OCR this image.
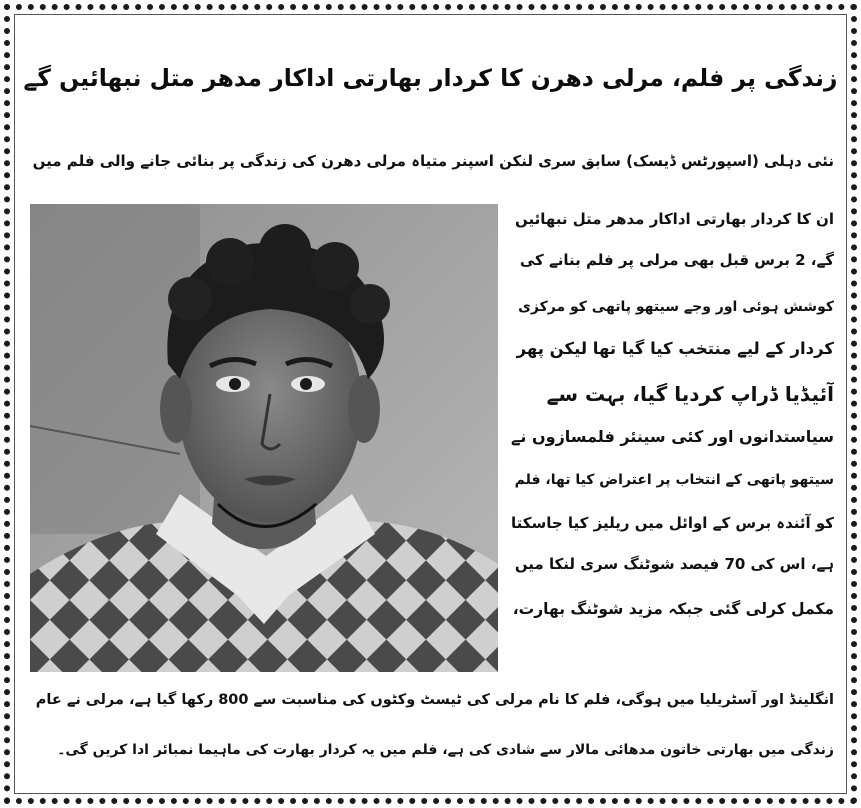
زندگی پر فلم، مرلی دھرن کا کردار بھارتی اداکار مدھر متل نبھائیں گے
نئی دہلی (اسپورٹس ڈیسک) سابق سری لنکن اسپنر متیاہ مرلی دھرن کی زندگی پر بنائی جانے والی فلم میں
ان کا کردار بھارتی اداکار مدھر متل نبھائیں
گے، 2 برس قبل بھی مرلی پر فلم بنانے کی
کوشش ہوئی اور وجے سیتھو پاتھی کو مرکزی
کردار کے لیے منتخب کیا گیا تھا لیکن پھر
آئیڈیا ڈراپ کردیا گیا، بہت سے
سیاستدانوں اور کئی سینئر فلمسازوں نے
سیتھو پاتھی کے انتخاب پر اعتراض کیا تھا، فلم
کو آئندہ برس کے اوائل میں ریلیز کیا جاسکتا
ہے، اس کی 70 فیصد شوٹنگ سری لنکا میں
مکمل کرلی گئی جبکہ مزید شوٹنگ بھارت،
انگلینڈ اور آسٹریلیا میں ہوگی، فلم کا نام مرلی کی ٹیسٹ وکٹوں کی مناسبت سے 800 رکھا گیا ہے، مرلی نے عام
زندگی میں بھارتی خاتون مدھائی مالار سے شادی کی ہے، فلم میں یہ کردار بھارت کی ماہیما نمبائر ادا کریں گی۔
